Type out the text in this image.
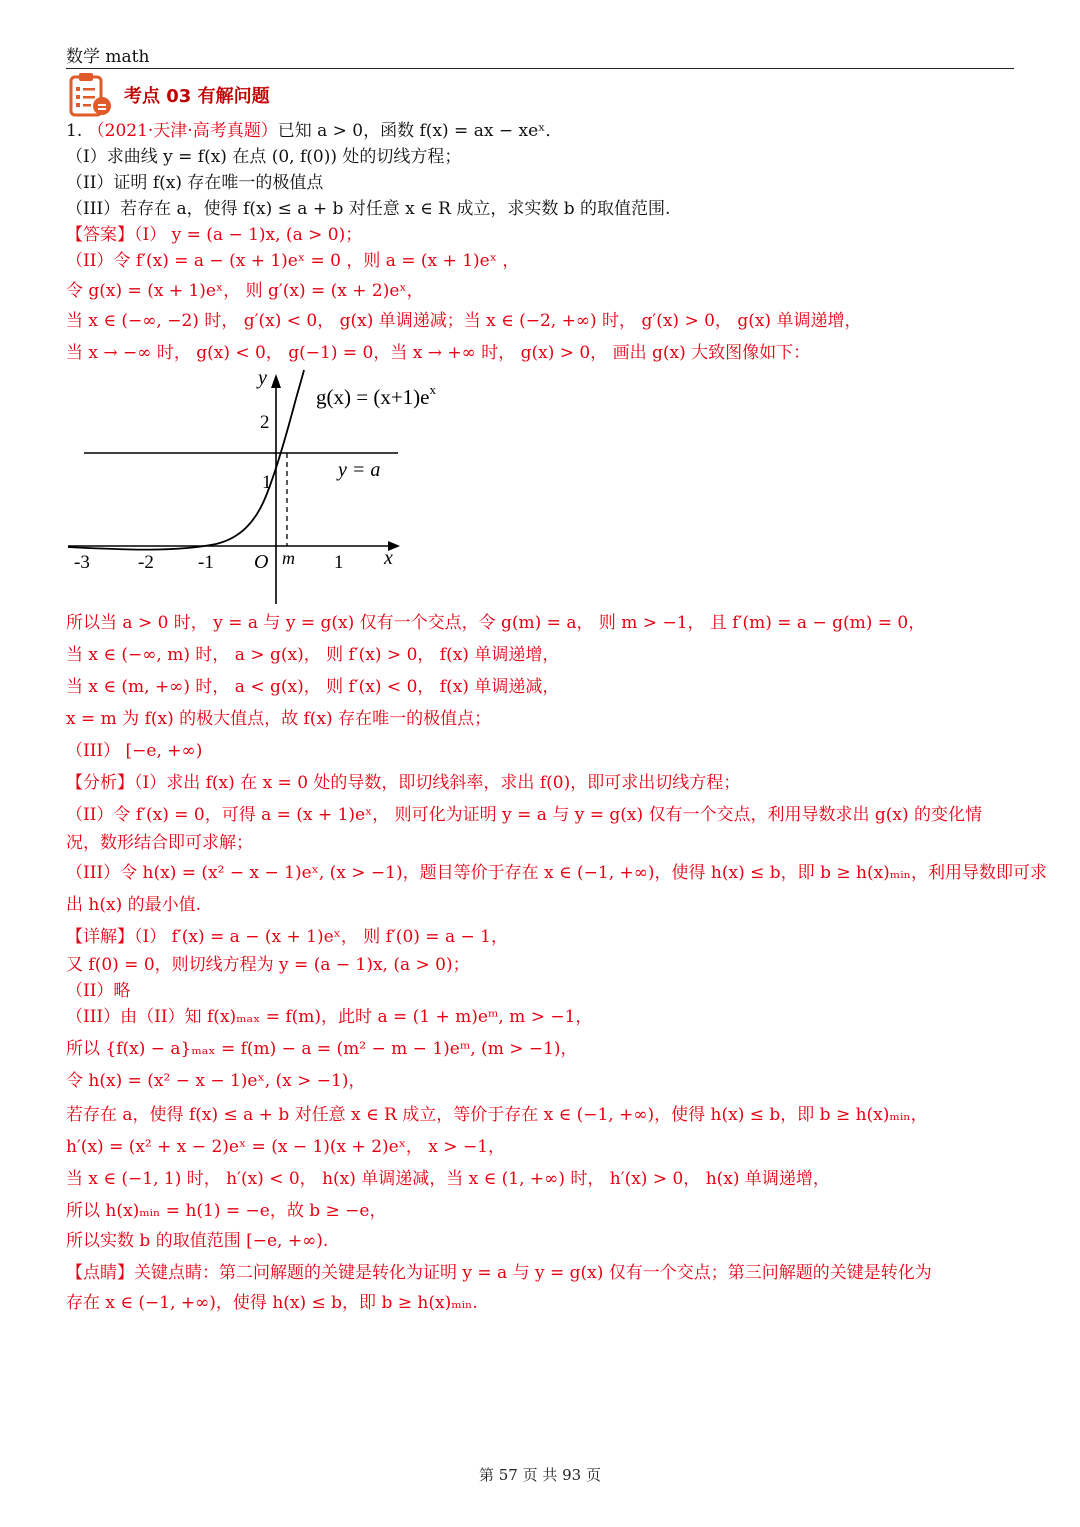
数学 math
考点 03 有解问题
1. （2021·天津·高考真题）已知 a > 0，函数 f(x) = ax − xeˣ．
（I）求曲线 y = f(x) 在点 (0, f(0)) 处的切线方程；
（II）证明 f(x) 存在唯一的极值点
（III）若存在 a，使得 f(x) ≤ a + b 对任意 x ∈ R 成立，求实数 b 的取值范围.
【答案】（I） y = (a − 1)x, (a > 0)；
（II）令 f′(x) = a − (x + 1)eˣ = 0 ，则 a = (x + 1)eˣ ，
令 g(x) = (x + 1)eˣ， 则 g′(x) = (x + 2)eˣ，
当 x ∈ (−∞, −2) 时， g′(x) < 0， g(x) 单调递减；当 x ∈ (−2, +∞) 时， g′(x) > 0， g(x) 单调递增，
当 x → −∞ 时， g(x) < 0， g(−1) = 0，当 x → +∞ 时， g(x) > 0， 画出 g(x) 大致图像如下：
所以当 a > 0 时， y = a 与 y = g(x) 仅有一个交点，令 g(m) = a， 则 m > −1， 且 f′(m) = a − g(m) = 0，
当 x ∈ (−∞, m) 时， a > g(x)， 则 f′(x) > 0， f(x) 单调递增，
当 x ∈ (m, +∞) 时， a < g(x)， 则 f′(x) < 0， f(x) 单调递减，
x = m 为 f(x) 的极大值点，故 f(x) 存在唯一的极值点；
（III） [−e, +∞)
【分析】（I）求出 f(x) 在 x = 0 处的导数，即切线斜率，求出 f(0)，即可求出切线方程；
（II）令 f′(x) = 0，可得 a = (x + 1)eˣ， 则可化为证明 y = a 与 y = g(x) 仅有一个交点，利用导数求出 g(x) 的变化情
况，数形结合即可求解；
（III）令 h(x) = (x² − x − 1)eˣ, (x > −1)，题目等价于存在 x ∈ (−1, +∞)，使得 h(x) ≤ b，即 b ≥ h(x)ₘᵢₙ，利用导数即可求
出 h(x) 的最小值.
【详解】（I） f′(x) = a − (x + 1)eˣ， 则 f′(0) = a − 1，
又 f(0) = 0，则切线方程为 y = (a − 1)x, (a > 0)；
（II）略
（III）由（II）知 f(x)ₘₐₓ = f(m)，此时 a = (1 + m)eᵐ, m > −1，
所以 {f(x) − a}ₘₐₓ = f(m) − a = (m² − m − 1)eᵐ, (m > −1)，
令 h(x) = (x² − x − 1)eˣ, (x > −1)，
若存在 a，使得 f(x) ≤ a + b 对任意 x ∈ R 成立，等价于存在 x ∈ (−1, +∞)，使得 h(x) ≤ b，即 b ≥ h(x)ₘᵢₙ，
h′(x) = (x² + x − 2)eˣ = (x − 1)(x + 2)eˣ， x > −1，
当 x ∈ (−1, 1) 时， h′(x) < 0， h(x) 单调递减，当 x ∈ (1, +∞) 时， h′(x) > 0， h(x) 单调递增，
所以 h(x)ₘᵢₙ = h(1) = −e，故 b ≥ −e，
所以实数 b 的取值范围 [−e, +∞).
【点睛】关键点睛：第二问解题的关键是转化为证明 y = a 与 y = g(x) 仅有一个交点；第三问解题的关键是转化为
存在 x ∈ (−1, +∞)，使得 h(x) ≤ b，即 b ≥ h(x)ₘᵢₙ.
y
x
O m
-3	-2 -1	1
2
1
$g(x) = (x+1)e^x$
y = a
第 57 页 共 93 页
